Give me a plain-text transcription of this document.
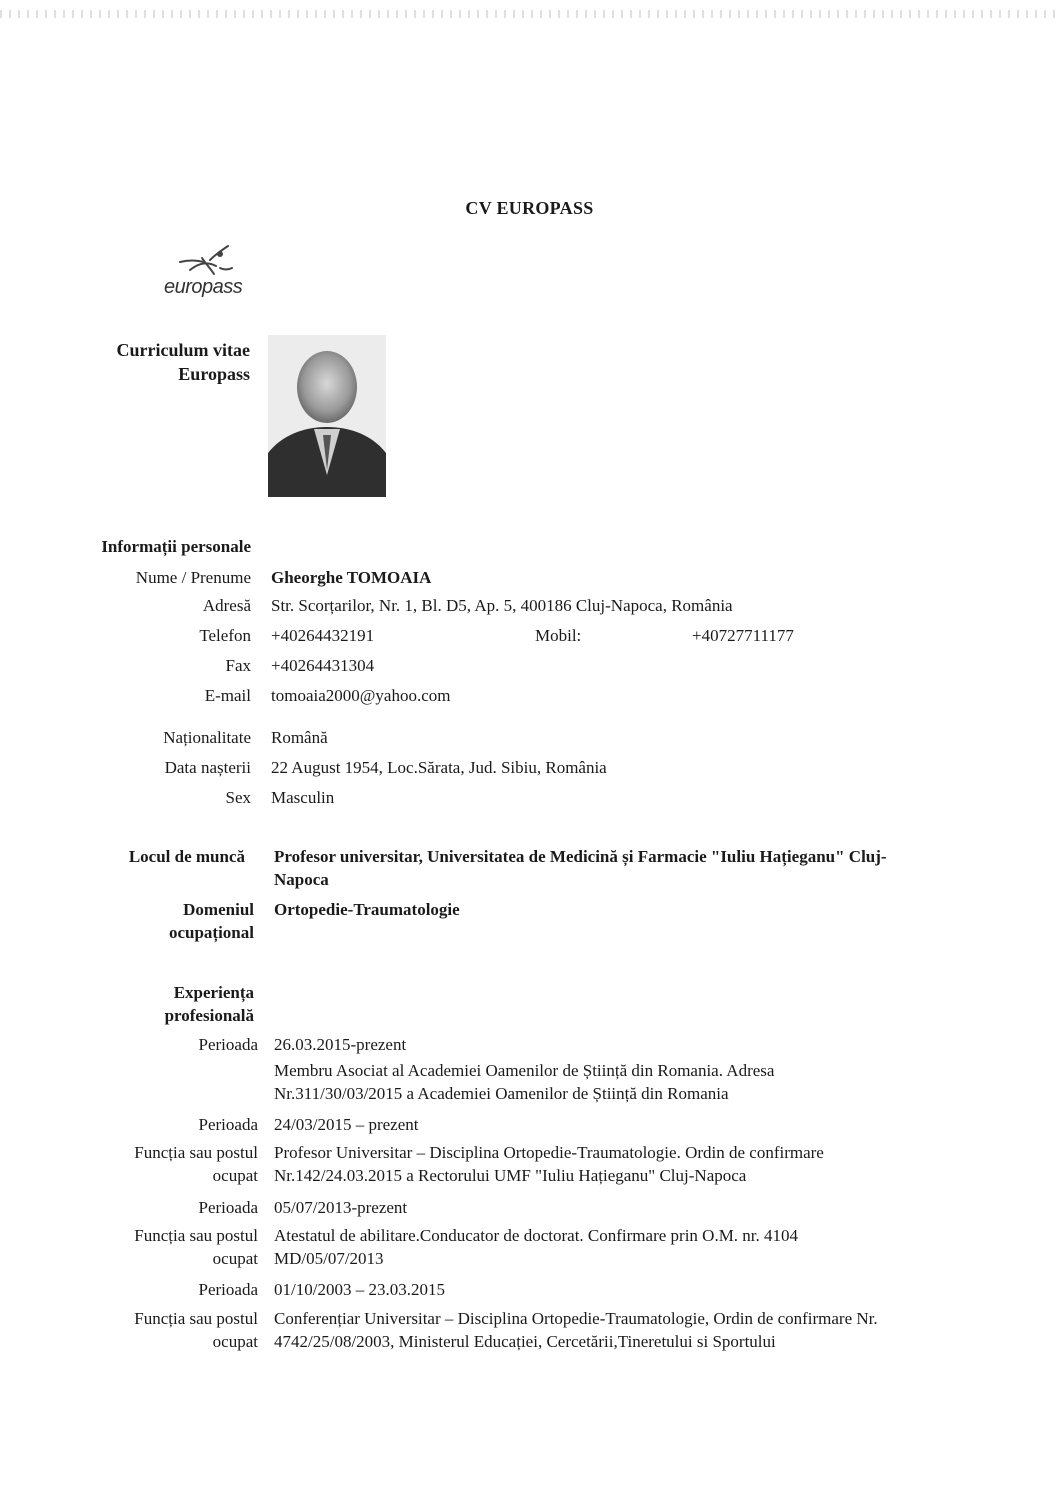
CV EUROPASS
europass
Curriculum vitae
Europass
Informații personale
Nume / Prenume Gheorghe TOMOAIA
Adresă Str. Scorțarilor, Nr. 1, Bl. D5, Ap. 5, 400186 Cluj-Napoca, România
Telefon +40264432191	Mobil:	+40727711177
Fax +40264431304
E-mail tomoaia2000@yahoo.com
Naționalitate Română
Data nașterii 22 August 1954, Loc.Sărata, Jud. Sibiu, România
Sex Masculin
Locul de muncă Profesor universitar, Universitatea de Medicină și Farmacie "Iuliu Hațieganu" Cluj-
Napoca
Domeniul
ocupațional
Ortopedie-Traumatologie
Experiența
profesională
Perioada 26.03.2015-prezent
Membru Asociat al Academiei Oamenilor de Știință din Romania. Adresa
Nr.311/30/03/2015 a Academiei Oamenilor de Știință din Romania
Perioada 24/03/2015 – prezent
Funcția sau postul
ocupat
Profesor Universitar – Disciplina Ortopedie-Traumatologie. Ordin de confirmare
Nr.142/24.03.2015 a Rectorului UMF "Iuliu Hațieganu" Cluj-Napoca
Perioada 05/07/2013-prezent
Funcția sau postul
ocupat
Atestatul de abilitare.Conducator de doctorat. Confirmare prin O.M. nr. 4104
MD/05/07/2013
Perioada 01/10/2003 – 23.03.2015
Funcția sau postul
ocupat
Conferențiar Universitar – Disciplina Ortopedie-Traumatologie, Ordin de confirmare Nr.
4742/25/08/2003, Ministerul Educației, Cercetării,Tineretului si Sportului
